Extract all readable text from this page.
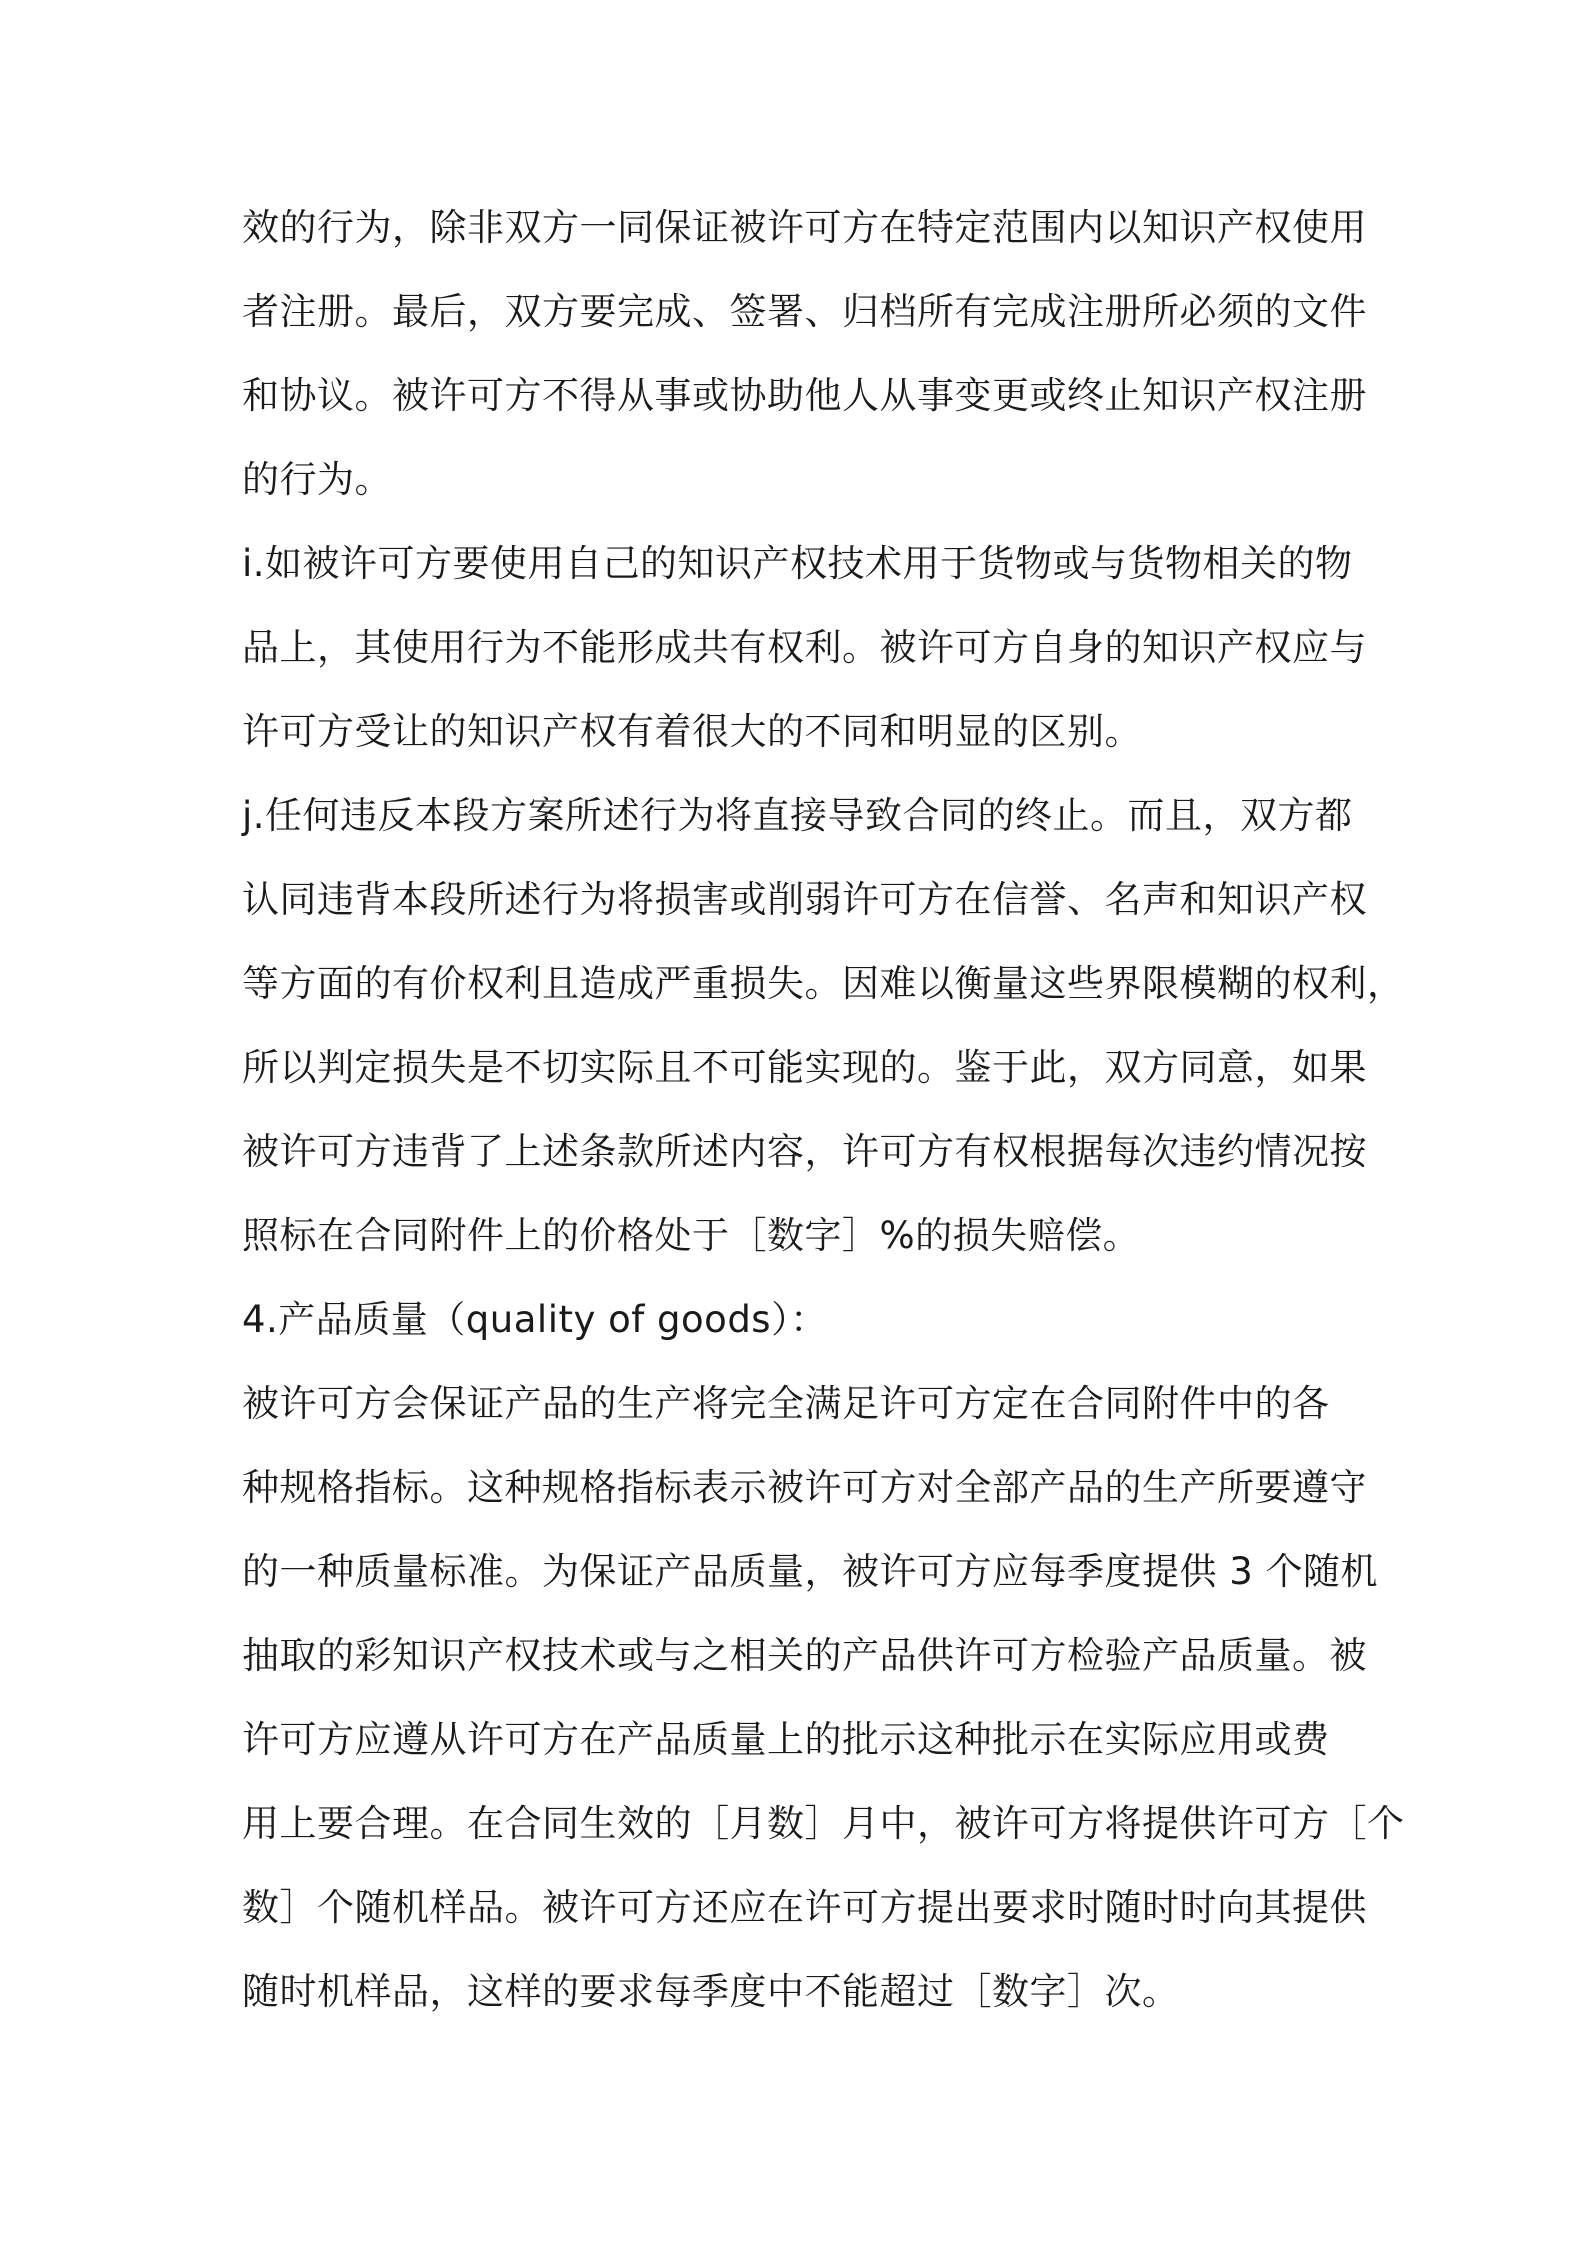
效的行为，除非双方一同保证被许可方在特定范围内以知识产权使用
者注册。最后，双方要完成、签署、归档所有完成注册所必须的文件
和协议。被许可方不得从事或协助他人从事变更或终止知识产权注册
的行为。
i.如被许可方要使用自己的知识产权技术用于货物或与货物相关的物
品上，其使用行为不能形成共有权利。被许可方自身的知识产权应与
许可方受让的知识产权有着很大的不同和明显的区别。
j.任何违反本段方案所述行为将直接导致合同的终止。而且，双方都
认同违背本段所述行为将损害或削弱许可方在信誉、名声和知识产权
等方面的有价权利且造成严重损失。因难以衡量这些界限模糊的权利，
所以判定损失是不切实际且不可能实现的。鉴于此，双方同意，如果
被许可方违背了上述条款所述内容，许可方有权根据每次违约情况按
照标在合同附件上的价格处于［数字］%的损失赔偿。
4.产品质量（quality of goods）：
被许可方会保证产品的生产将完全满足许可方定在合同附件中的各
种规格指标。这种规格指标表示被许可方对全部产品的生产所要遵守
的一种质量标准。为保证产品质量，被许可方应每季度提供 3 个随机
抽取的彩知识产权技术或与之相关的产品供许可方检验产品质量。被
许可方应遵从许可方在产品质量上的批示这种批示在实际应用或费
用上要合理。在合同生效的［月数］月中，被许可方将提供许可方［个
数］个随机样品。被许可方还应在许可方提出要求时随时时向其提供
随时机样品，这样的要求每季度中不能超过［数字］次。
